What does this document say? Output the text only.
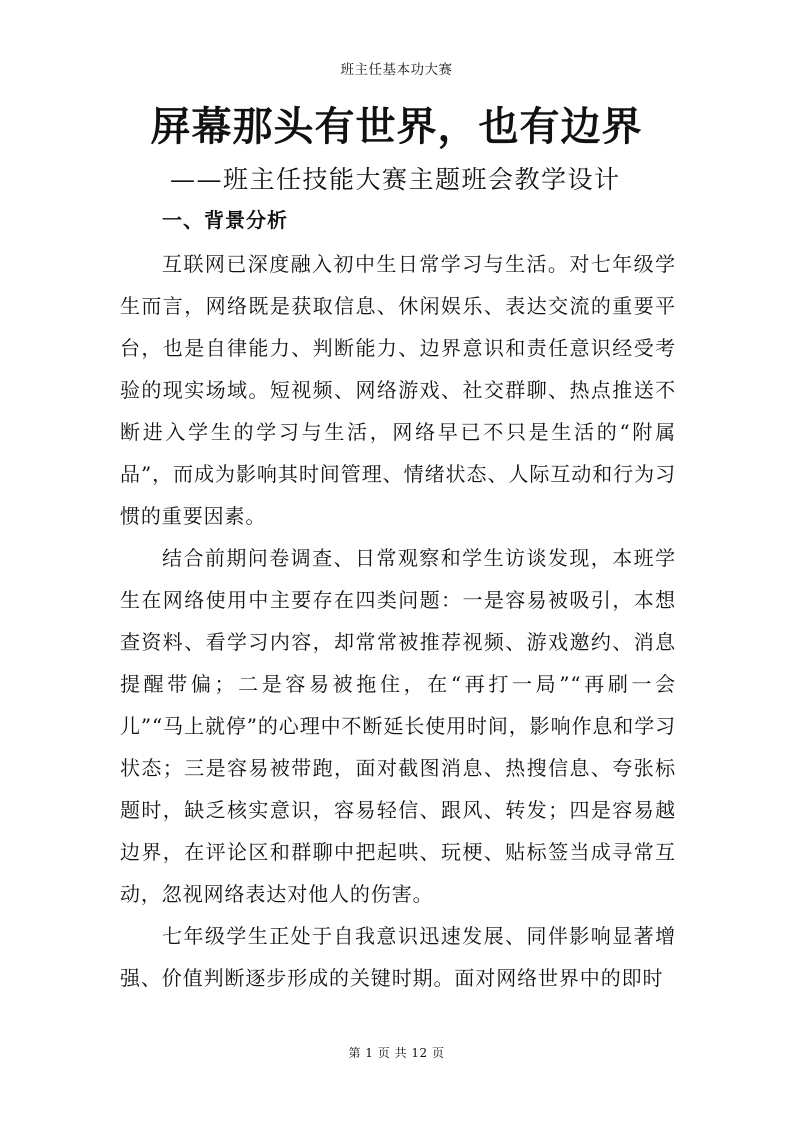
班主任基本功大赛
屏幕那头有世界，也有边界
——班主任技能大赛主题班会教学设计
一、背景分析

互联网已深度融入初中生日常学习与生活。对七年级学生而言，网络既是获取信息、休闲娱乐、表达交流的重要平台，也是自律能力、判断能力、边界意识和责任意识经受考验的现实场域。短视频、网络游戏、社交群聊、热点推送不断进入学生的学习与生活，网络早已不只是生活的“附属品”，而成为影响其时间管理、情绪状态、人际互动和行为习惯的重要因素。

结合前期问卷调查、日常观察和学生访谈发现，本班学生在网络使用中主要存在四类问题：一是容易被吸引，本想查资料、看学习内容，却常常被推荐视频、游戏邀约、消息提醒带偏；二是容易被拖住，在“再打一局”“再刷一会儿”“马上就停”的心理中不断延长使用时间，影响作息和学习状态；三是容易被带跑，面对截图消息、热搜信息、夸张标题时，缺乏核实意识，容易轻信、跟风、转发；四是容易越边界，在评论区和群聊中把起哄、玩梗、贴标签当成寻常互动，忽视网络表达对他人的伤害。

七年级学生正处于自我意识迅速发展、同伴影响显著增强、价值判断逐步形成的关键时期。面对网络世界中的即时

第 1 页 共 12 页
